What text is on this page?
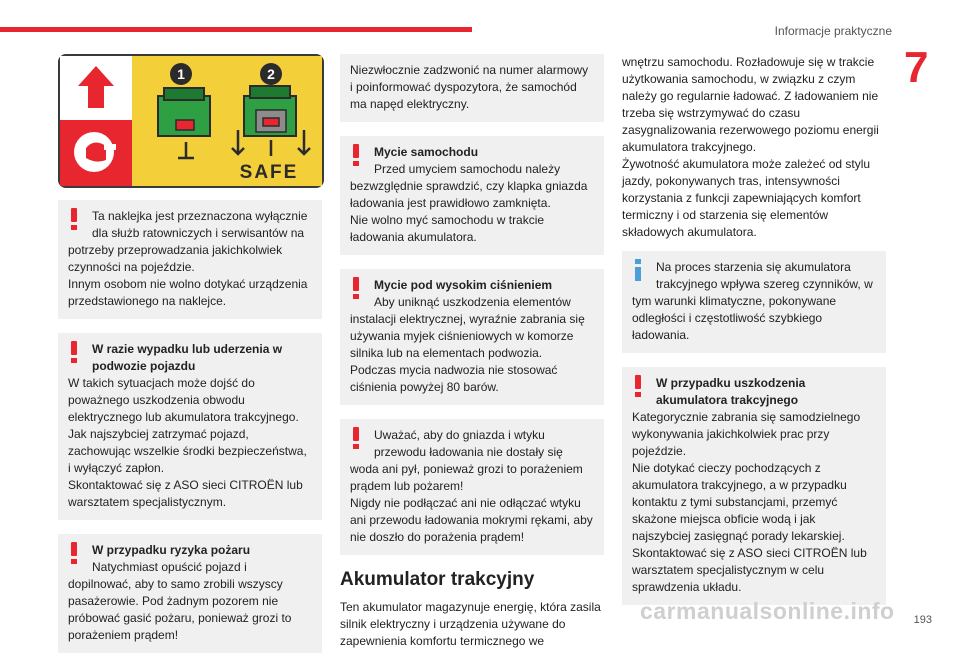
Informacje praktyczne
7
1	2
SAFE
Ta naklejka jest przeznaczona wyłącznie dla służb ratowniczych i serwisantów na
potrzeby przeprowadzania jakichkolwiek czynności na pojeździe.
Innym osobom nie wolno dotykać urządzenia przedstawionego na naklejce.
W razie wypadku lub uderzenia w podwozie pojazdu
W takich sytuacjach może dojść do poważnego uszkodzenia obwodu elektrycznego lub akumulatora trakcyjnego.
Jak najszybciej zatrzymać pojazd, zachowując wszelkie środki bezpieczeństwa, i wyłączyć zapłon.
Skontaktować się z ASO sieci CITROËN lub warsztatem specjalistycznym.
W przypadku ryzyka pożaru
Natychmiast opuścić pojazd i
dopilnować, aby to samo zrobili wszyscy pasażerowie. Pod żadnym pozorem nie próbować gasić pożaru, ponieważ grozi to porażeniem prądem!
Niezwłocznie zadzwonić na numer alarmowy i poinformować dyspozytora, że samochód ma napęd elektryczny.
Mycie samochodu
Przed umyciem samochodu należy
bezwzględnie sprawdzić, czy klapka gniazda ładowania jest prawidłowo zamknięta.
Nie wolno myć samochodu w trakcie ładowania akumulatora.
Mycie pod wysokim ciśnieniem
Aby uniknąć uszkodzenia elementów
instalacji elektrycznej, wyraźnie zabrania się używania myjek ciśnieniowych w komorze silnika lub na elementach podwozia.
Podczas mycia nadwozia nie stosować ciśnienia powyżej 80 barów.
Uważać, aby do gniazda i wtyku przewodu ładowania nie dostały się
woda ani pył, ponieważ grozi to porażeniem prądem lub pożarem!
Nigdy nie podłączać ani nie odłączać wtyku ani przewodu ładowania mokrymi rękami, aby nie doszło do porażenia prądem!
Akumulator trakcyjny
Ten akumulator magazynuje energię, która zasila silnik elektryczny i urządzenia używane do zapewnienia komfortu termicznego we
wnętrzu samochodu. Rozładowuje się w trakcie użytkowania samochodu, w związku z czym należy go regularnie ładować. Z ładowaniem nie trzeba się wstrzymywać do czasu zasygnalizowania rezerwowego poziomu energii akumulatora trakcyjnego.
Żywotność akumulatora może zależeć od stylu jazdy, pokonywanych tras, intensywności korzystania z funkcji zapewniających komfort termiczny i od starzenia się elementów składowych akumulatora.
Na proces starzenia się akumulatora trakcyjnego wpływa szereg czynników, w
tym warunki klimatyczne, pokonywane odległości i częstotliwość szybkiego ładowania.
W przypadku uszkodzenia akumulatora trakcyjnego
Kategorycznie zabrania się samodzielnego wykonywania jakichkolwiek prac przy pojeździe.
Nie dotykać cieczy pochodzących z akumulatora trakcyjnego, a w przypadku kontaktu z tymi substancjami, przemyć skażone miejsca obficie wodą i jak najszybciej zasięgnąć porady lekarskiej.
Skontaktować się z ASO sieci CITROËN lub warsztatem specjalistycznym w celu sprawdzenia układu.
carmanualsonline.info 193
